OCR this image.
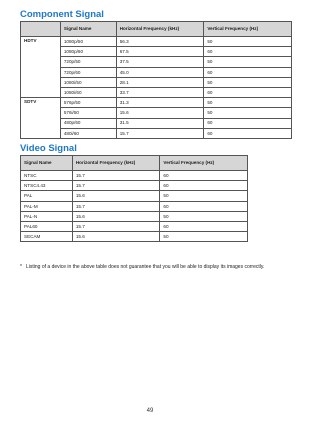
Component Signal
	Signal Name	Horizontal Frequency (kHz)	Vertical Frequency (Hz)
HDTV	1080p/50	56.3	50
	1080p/60	67.5	60
	720p/50	37.5	50
	720p/60	45.0	60
	1080i/50	28.1	50
	1080i/60	33.7	60
SDTV	576p/50	31.3	50
	576i/50	15.6	50
	480p/60	31.5	60
	480i/60	15.7	60
Video Signal
Signal Name	Horizontal Frequency (kHz)	Vertical Frequency (Hz)
NTSC	15.7	60
NTSC4.43	15.7	60
PAL	15.6	50
PAL-M	15.7	60
PAL-N	15.6	50
PAL60	15.7	60
SECAM	15.6	50
* Listing of a device in the above table does not guarantee that you will be able to display its images correctly.
49
